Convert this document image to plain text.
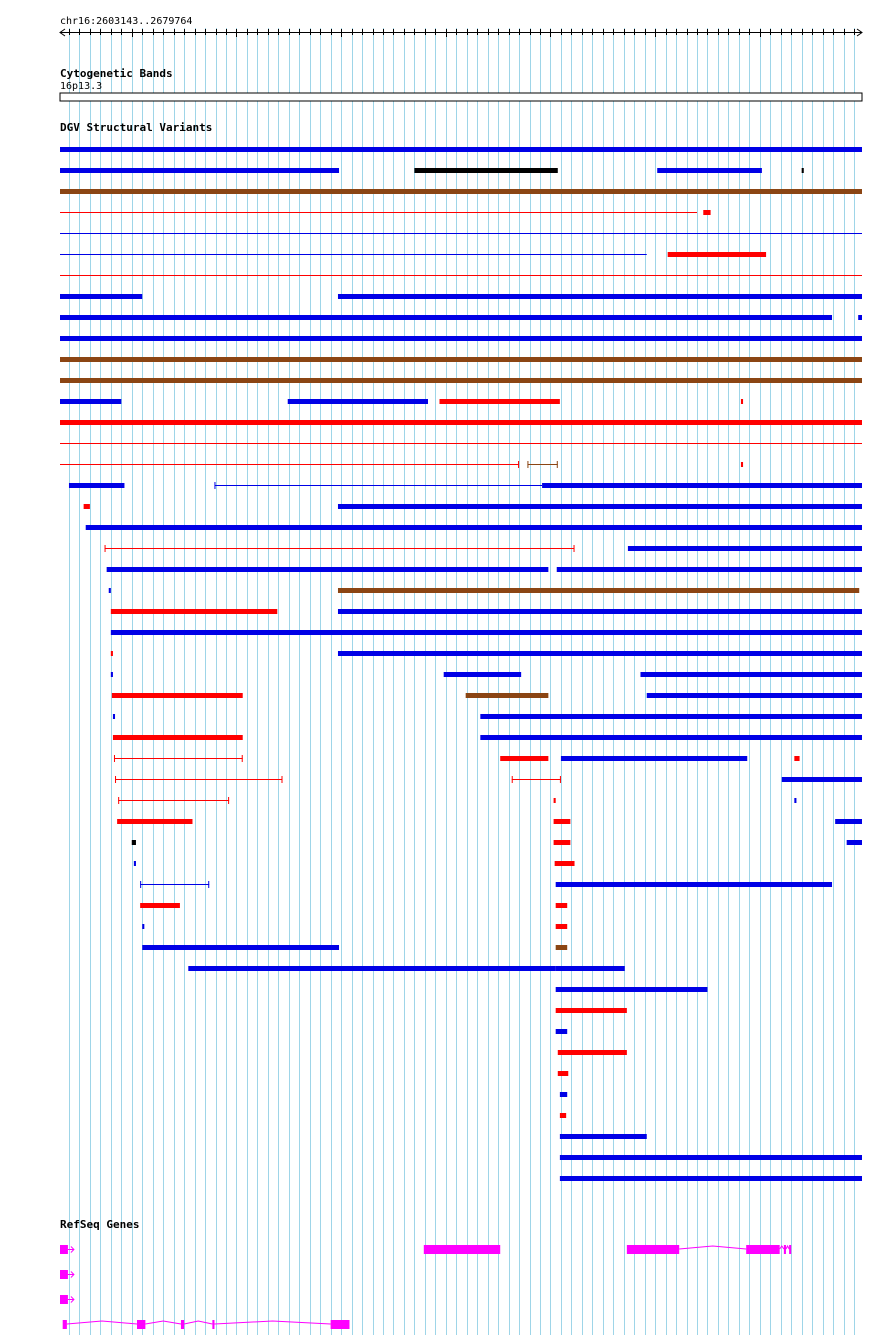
chr16:2603143..2679764
Cytogenetic Bands
16p13.3
DGV Structural Variants
RefSeq Genes
